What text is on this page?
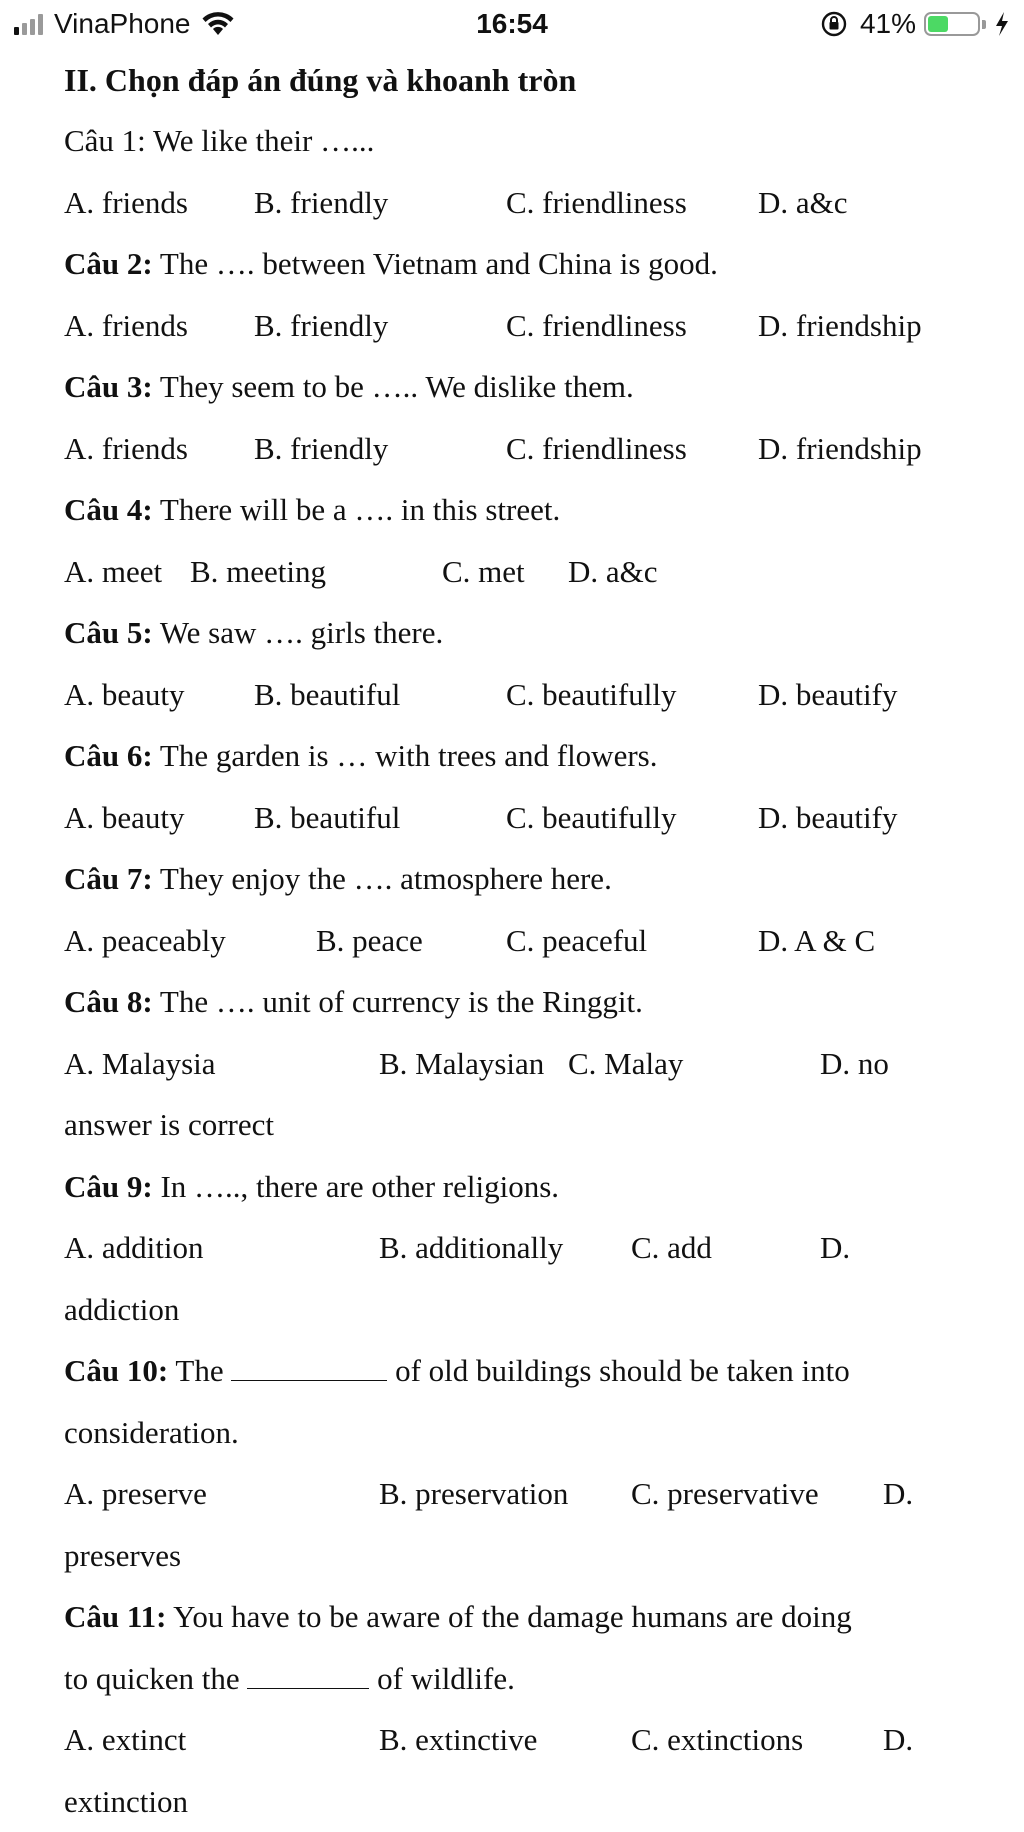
VinaPhone	16:54	41%
II. Chọn đáp án đúng và khoanh tròn
Câu 1: We like their …...
A. friends B. friendly	C. friendliness D. a&c
Câu 2: The …. between Vietnam and China is good.
A. friends B. friendly	C. friendliness D. friendship
Câu 3: They seem to be ….. We dislike them.
A. friends B. friendly	C. friendliness D. friendship
Câu 4: There will be a …. in this street.
A. meet B. meeting	C. met D. a&c
Câu 5: We saw …. girls there.
A. beauty B. beautiful	C. beautifully	D. beautify
Câu 6: The garden is … with trees and flowers.
A. beauty B. beautiful	C. beautifully	D. beautify
Câu 7: They enjoy the …. atmosphere here.
A. peaceably	B. peace	C. peaceful	D. A & C
Câu 8: The …. unit of currency is the Ringgit.
A. Malaysia	B. Malaysian C. Malay	D. no
answer is correct
Câu 9: In ….., there are other religions.
A. addition	B. additionally C. add	D.
addiction
Câu 10: The	of old buildings should be taken into
consideration.
A. preserve	B. preservation C. preservative D.
preserves
Câu 11: You have to be aware of the damage humans are doing
to quicken the	of wildlife.
A. extinct	B. extinctive	C. extinctions	D.
extinction
